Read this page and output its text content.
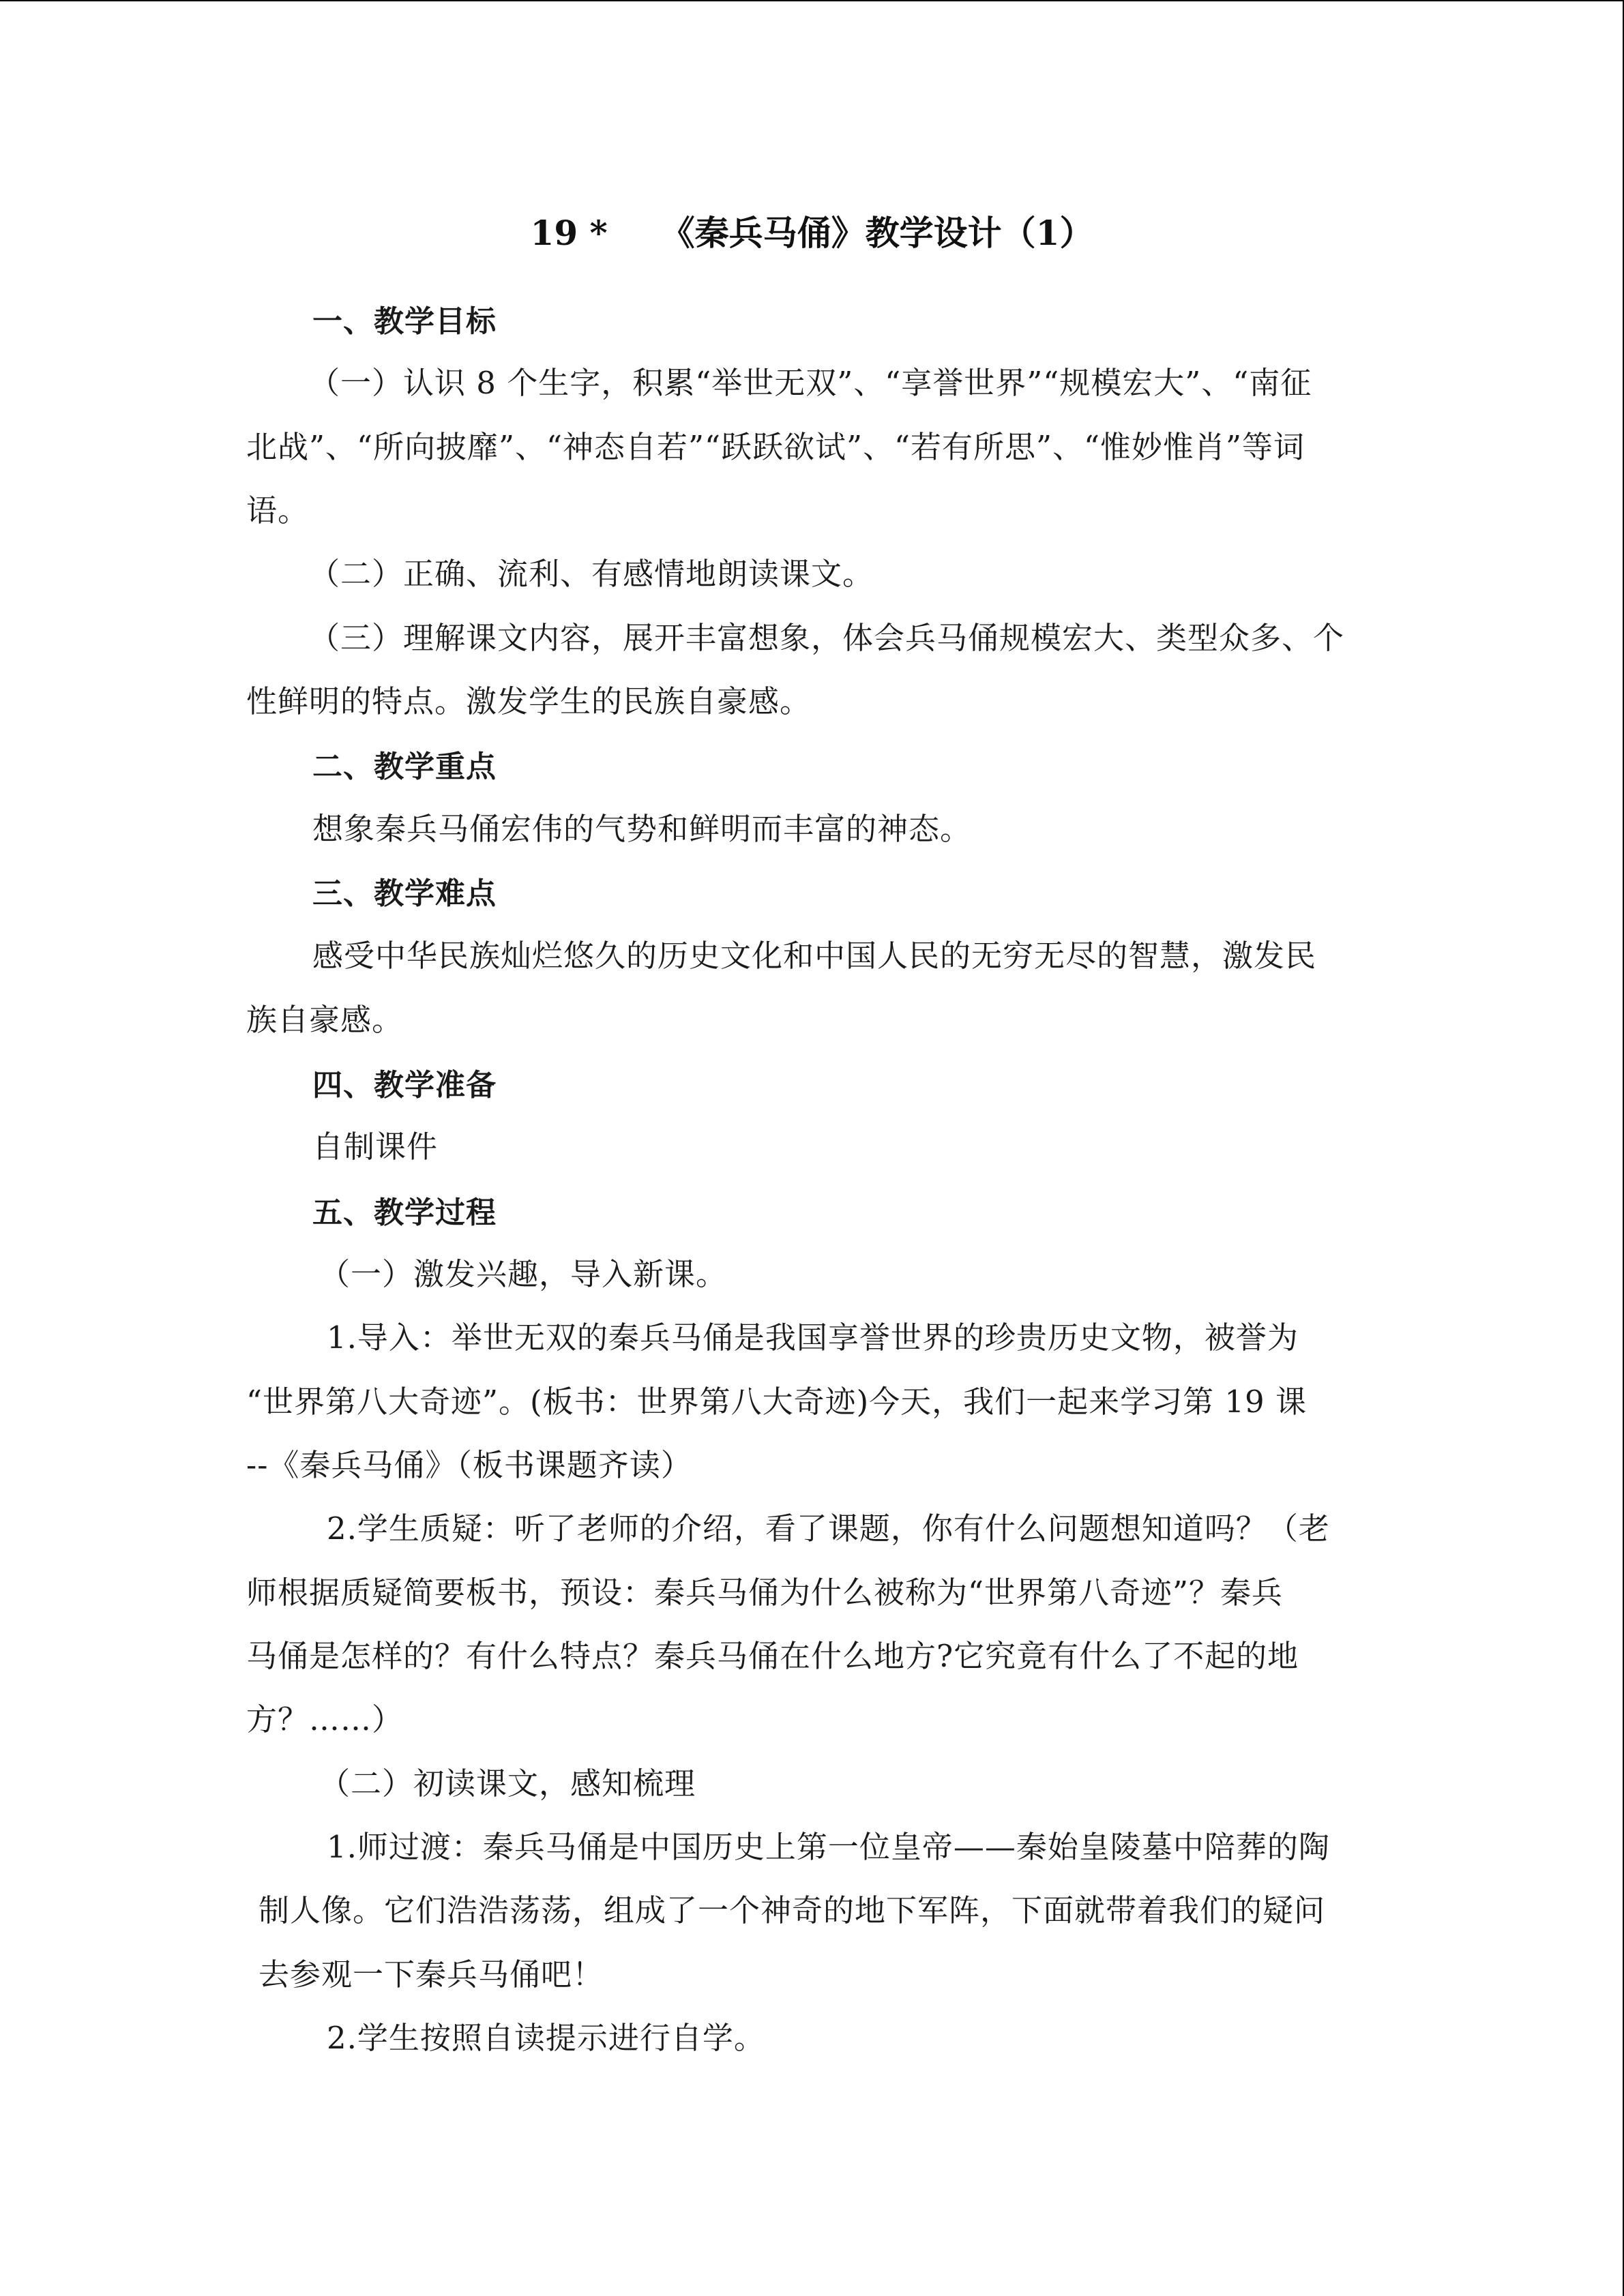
19 * 《秦兵马俑》教学设计（1）
一、教学目标
（一）认识 8 个生字，积累“举世无双”、“享誉世界”“规模宏大”、“南征
北战”、“所向披靡”、“神态自若”“跃跃欲试”、“若有所思”、“惟妙惟肖”等词
语。
（二）正确、流利、有感情地朗读课文。
（三）理解课文内容，展开丰富想象，体会兵马俑规模宏大、类型众多、个
性鲜明的特点。激发学生的民族自豪感。
二、教学重点
想象秦兵马俑宏伟的气势和鲜明而丰富的神态。
三、教学难点
感受中华民族灿烂悠久的历史文化和中国人民的无穷无尽的智慧，激发民
族自豪感。
四、教学准备
自制课件
五、教学过程
（一）激发兴趣，导入新课。
1.导入：举世无双的秦兵马俑是我国享誉世界的珍贵历史文物，被誉为
“世界第八大奇迹”。(板书：世界第八大奇迹)今天，我们一起来学习第 19 课
--《秦兵马俑》（板书课题齐读）
2.学生质疑：听了老师的介绍，看了课题，你有什么问题想知道吗？（老
师根据质疑简要板书，预设：秦兵马俑为什么被称为“世界第八奇迹”？秦兵
马俑是怎样的？有什么特点？秦兵马俑在什么地方?它究竟有什么了不起的地
方？……）
（二）初读课文，感知梳理
1.师过渡：秦兵马俑是中国历史上第一位皇帝——秦始皇陵墓中陪葬的陶
制人像。它们浩浩荡荡，组成了一个神奇的地下军阵，下面就带着我们的疑问
去参观一下秦兵马俑吧！
2.学生按照自读提示进行自学。
